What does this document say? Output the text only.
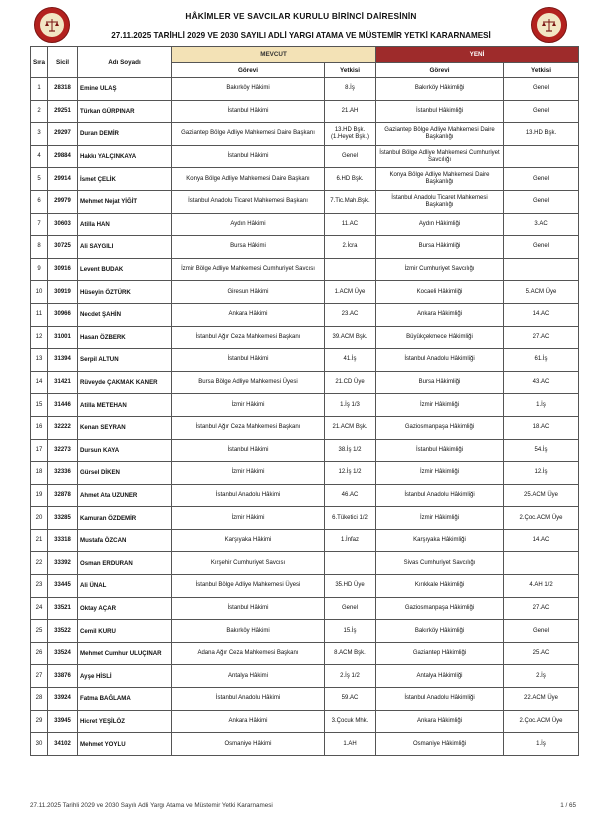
HÂKİMLER VE SAVCILAR KURULU BİRİNCİ DAİRESİNİN
27.11.2025 TARİHLİ 2029 VE 2030 SAYILI ADLİ YARGI ATAMA VE MÜSTEMİR YETKİ KARARNAMESİ
Sıra	Sicil	Adı Soyadı	MEVCUT		YENİ	
			Görevi	Yetkisi	Görevi	Yetkisi
1	28318	Emine ULAŞ	Bakırköy Hâkimi	8.İş	Bakırköy Hâkimliği	Genel
2	29251	Türkan GÜRPINAR	İstanbul Hâkimi	21.AH	İstanbul Hâkimliği	Genel
3	29297	Duran DEMİR	Gaziantep Bölge Adliye Mahkemesi Daire Başkanı	13.HD Bşk. (1.Heyet Bşk.)	Gaziantep Bölge Adliye Mahkemesi Daire Başkanlığı	13.HD Bşk.
4	29884	Hakkı YALÇINKAYA	İstanbul Hâkimi	Genel	İstanbul Bölge Adliye Mahkemesi Cumhuriyet Savcılığı	
5	29914	İsmet ÇELİK	Konya Bölge Adliye Mahkemesi Daire Başkanı	6.HD Bşk.	Konya Bölge Adliye Mahkemesi Daire Başkanlığı	Genel
6	29979	Mehmet Nejat YİĞİT	İstanbul Anadolu Ticaret Mahkemesi Başkanı	7.Tic.Mah.Bşk.	İstanbul Anadolu Ticaret Mahkemesi Başkanlığı	Genel
7	30603	Atilla HAN	Aydın Hâkimi	11.AC	Aydın Hâkimliği	3.AC
8	30725	Ali SAYGILI	Bursa Hâkimi	2.İcra	Bursa Hâkimliği	Genel
9	30916	Levent BUDAK	İzmir Bölge Adliye Mahkemesi Cumhuriyet Savcısı		İzmir Cumhuriyet Savcılığı	
10	30919	Hüseyin ÖZTÜRK	Giresun Hâkimi	1.ACM Üye	Kocaeli Hâkimliği	5.ACM Üye
11	30966	Necdet ŞAHİN	Ankara Hâkimi	23.AC	Ankara Hâkimliği	14.AC
12	31001	Hasan ÖZBERK	İstanbul Ağır Ceza Mahkemesi Başkanı	39.ACM Bşk.	Büyükçekmece Hâkimliği	27.AC
13	31394	Serpil ALTUN	İstanbul Hâkimi	41.İş	İstanbul Anadolu Hâkimliği	61.İş
14	31421	Rüveyde ÇAKMAK KANER	Bursa Bölge Adliye Mahkemesi Üyesi	21.CD Üye	Bursa Hâkimliği	43.AC
15	31446	Atilla METEHAN	İzmir Hâkimi	1.İş 1/3	İzmir Hâkimliği	1.İş
16	32222	Kenan SEYRAN	İstanbul Ağır Ceza Mahkemesi Başkanı	21.ACM Bşk.	Gaziosmanpaşa Hâkimliği	18.AC
17	32273	Dursun KAYA	İstanbul Hâkimi	38.İş 1/2	İstanbul Hâkimliği	54.İş
18	32336	Gürsel DİKEN	İzmir Hâkimi	12.İş 1/2	İzmir Hâkimliği	12.İş
19	32878	Ahmet Ata UZUNER	İstanbul Anadolu Hâkimi	46.AC	İstanbul Anadolu Hâkimliği	25.ACM Üye
20	33285	Kamuran ÖZDEMİR	İzmir Hâkimi	6.Tüketici 1/2	İzmir Hâkimliği	2.Çoc.ACM Üye
21	33318	Mustafa ÖZCAN	Karşıyaka Hâkimi	1.İnfaz	Karşıyaka Hâkimliği	14.AC
22	33392	Osman ERDURAN	Kırşehir Cumhuriyet Savcısı		Sivas Cumhuriyet Savcılığı	
23	33445	Ali ÜNAL	İstanbul Bölge Adliye Mahkemesi Üyesi	35.HD Üye	Kırıkkale Hâkimliği	4.AH 1/2
24	33521	Oktay AÇAR	İstanbul Hâkimi	Genel	Gaziosmanpaşa Hâkimliği	27.AC
25	33522	Cemil KURU	Bakırköy Hâkimi	15.İş	Bakırköy Hâkimliği	Genel
26	33524	Mehmet Cumhur ULUÇINAR	Adana Ağır Ceza Mahkemesi Başkanı	8.ACM Bşk.	Gaziantep Hâkimliği	25.AC
27	33876	Ayşe HİSLİ	Antalya Hâkimi	2.İş 1/2	Antalya Hâkimliği	2.İş
28	33924	Fatma BAĞLAMA	İstanbul Anadolu Hâkimi	59.AC	İstanbul Anadolu Hâkimliği	22.ACM Üye
29	33945	Hicret YEŞİLÖZ	Ankara Hâkimi	3.Çocuk Mhk.	Ankara Hâkimliği	2.Çoc.ACM Üye
30	34102	Mehmet YOYLU	Osmaniye Hâkimi	1.AH	Osmaniye Hâkimliği	1.İş
27.11.2025 Tarihli 2029 ve 2030 Sayılı Adli Yargı Atama ve Müstemir Yetki Kararnamesi	1 / 65
